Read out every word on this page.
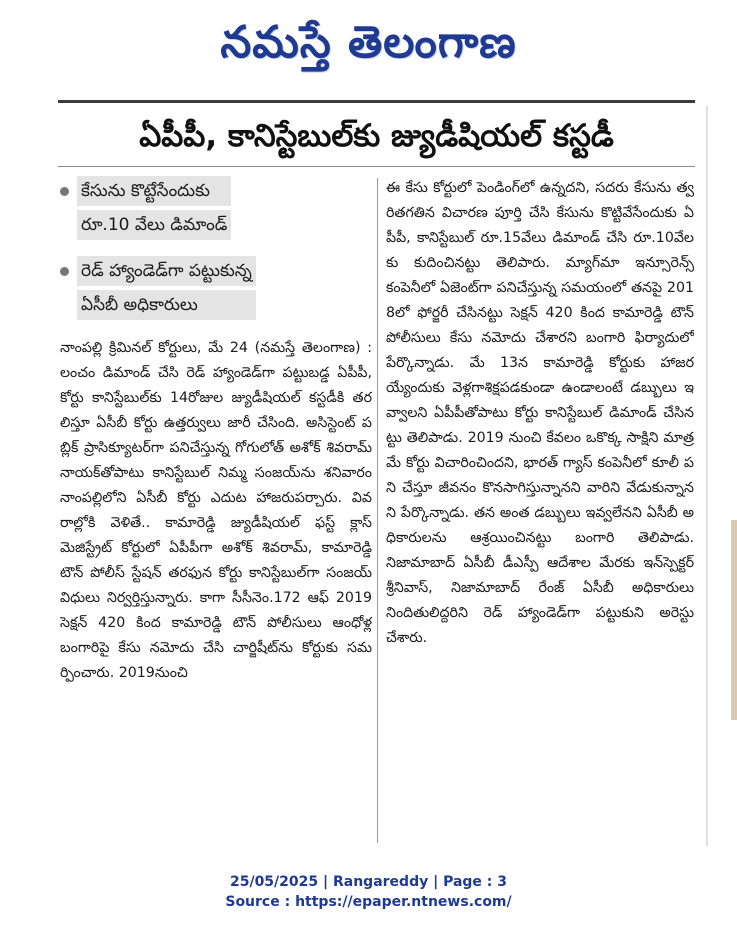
నమస్తే తెలంగాణ
ఏపీపీ, కానిస్టేబుల్‌కు జ్యుడీషియల్ కస్టడీ
కేసును కొట్టేసేందుకు
రూ.10 వేలు డిమాండ్
రెడ్ హ్యాండెడ్‌గా పట్టుకున్న
ఏసీబీ అధికారులు
నాంపల్లి క్రిమినల్ కోర్టులు, మే 24 (నమస్తే తెలంగాణ) : లంచం డిమాండ్ చేసి రెడ్ హ్యాండెడ్‌గా పట్టుబడ్డ ఏపీపీ,కోర్టు కానిస్టేబుల్‌కు 14రోజుల జ్యుడీషియల్ కస్టడీకి తరలిస్తూ ఏసీబీ కోర్టు ఉత్తర్వులు జారీ చేసింది. అసిస్టెంట్ పబ్లిక్ ప్రాసిక్యూటర్‌గా పనిచేస్తున్న గోగులోత్ అశోక్ శివరామ్ నాయక్‌తోపాటు కానిస్టేబుల్ నిమ్మ సంజయ్‌ను శనివారం నాంపల్లిలోని ఏసీబీ కోర్టు ఎదుట హాజరుపర్చారు. వివరాల్లోకి వెళితే.. కామారెడ్డి జ్యుడీషియల్ ఫస్ట్ క్లాస్ మెజిస్ట్రేట్ కోర్టులో ఏపీపీగా అశోక్ శివరామ్, కామారెడ్డి టౌన్ పోలీస్ స్టేషన్ తరఫున కోర్టు కానిస్టేబుల్‌గా సంజయ్ విధులు నిర్వర్తిస్తున్నారు. కాగా సీసీనెం.172 ఆఫ్ 2019 సెక్షన్ 420 కింద కామారెడ్డి టౌన్ పోలీసులు ఆంధోళ్ల బంగారిపై కేసు నమోదు చేసి చార్జిషీట్‌ను కోర్టుకు సమర్పించారు. 2019నుంచి
ఈ కేసు కోర్టులో పెండింగ్‌లో ఉన్నదని, సదరు కేసును త్వరితగతిన విచారణ పూర్తి చేసి కేసును కొట్టివేసేందుకు ఏపీపీ, కానిస్టేబుల్ రూ.15వేలు డిమాండ్ చేసి రూ.10వేలకు కుదించినట్టు తెలిపారు. మ్యాగ్‌మా ఇన్సూరెన్స్ కంపెనీలో ఏజెంట్‌గా పనిచేస్తున్న సమయంలో తనపై 2018లో ఫోర్జరీ చేసినట్టు సెక్షన్ 420 కింద కామారెడ్డి టౌన్ పోలీసులు కేసు నమోదు చేశారని బంగారి ఫిర్యాదులో పేర్కొన్నాడు. మే 13న కామారెడ్డి కోర్టుకు హాజరయ్యేందుకు వెళ్లగాశిక్షపడకుండా ఉండాలంటే డబ్బులు ఇవ్వాలని ఏపీపీతోపాటు కోర్టు కానిస్టేబుల్ డిమాండ్ చేసినట్టు తెలిపాడు. 2019 నుంచి కేవలం ఒకొక్క సాక్షిని మాత్రమే కోర్టు విచారించిందని, భారత్ గ్యాస్ కంపెనీలో కూలీ పని చేస్తూ జీవనం కొనసాగిస్తున్నానని వారిని వేడుకున్నానని పేర్కొన్నాడు. తన అంత డబ్బులు ఇవ్వలేనని ఏసీబీ అధికారులను ఆశ్రయించినట్టు బంగారి తెలిపాడు. నిజామాబాద్ ఏసీబీ డీఎస్పీ ఆదేశాల మేరకు ఇన్‌స్పెక్టర్ శ్రీనివాస్, నిజామాబాద్ రేంజ్ ఏసీబీ అధికారులు నిందితులిద్దరిని రెడ్ హ్యాండెడ్‌గా పట్టుకుని అరెస్టు చేశారు.
25/05/2025 | Rangareddy | Page : 3
Source : https://epaper.ntnews.com/
